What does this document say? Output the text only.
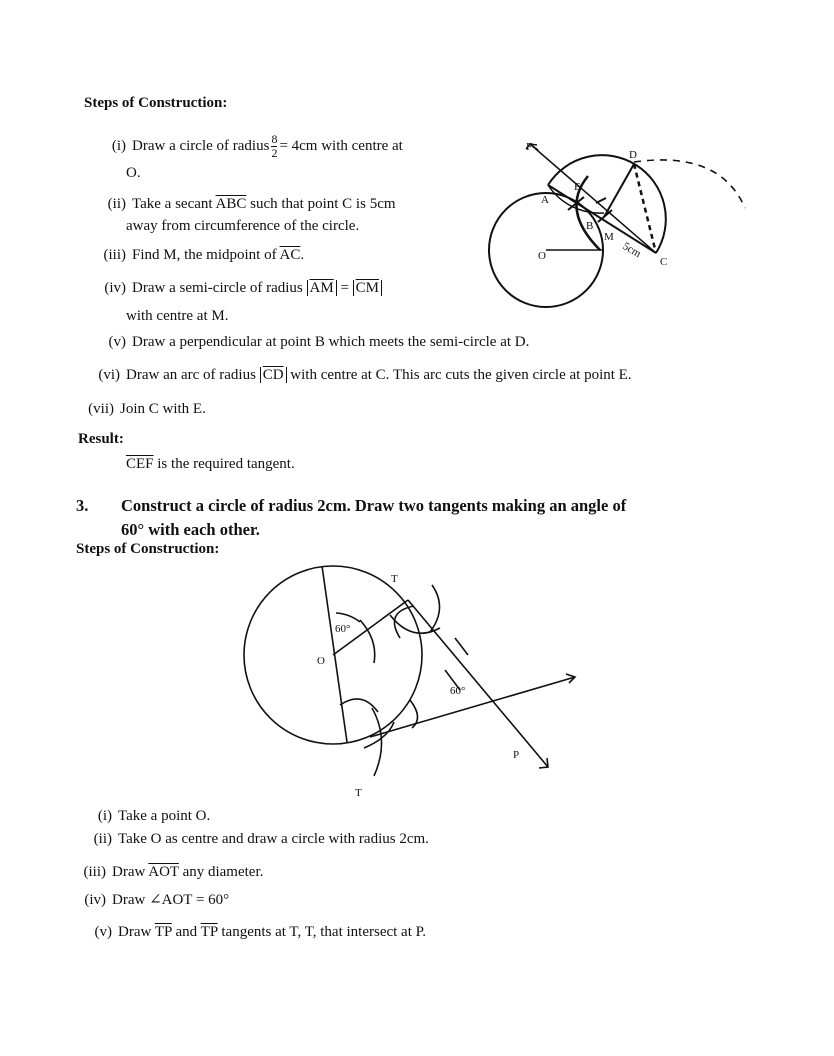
Steps of Construction:
(i) Draw a circle of radius $\frac{8}{2} = 4cm$ with centre at
O.
(ii) Take a secant $\overline{ABC}$ such that point C is 5cm
away from circumference of the circle.
(iii) Find M, the midpoint of $\overline{AC}$.
(iv) Draw a semi-circle of radius $\overline{AM} = \overline{CM}$
with centre at M.
(v) Draw a perpendicular at point B which meets the semi-circle at D.
(vi) Draw an arc of radius $\overline{CD}$ with centre at C. This arc cuts the given circle at point E.
(vii) Join C with E.
Result:
$\overline{CEF}$ is the required tangent.
F
D
E
A
B
M
O	C
5cm
3. Construct a circle of radius 2cm. Draw two tangents making an angle of
60° with each other.
Steps of Construction:
T
O
60°
60°
P
T
(i) Take a point O.
(ii) Take O as centre and draw a circle with radius 2cm.
(iii) Draw $\overline{AOT}$ any diameter.
(iv) Draw ∠AOT = 60°
(v) Draw $\overline{TP}$ and $\overline{TP}$ tangents at T, T, that intersect at P.
